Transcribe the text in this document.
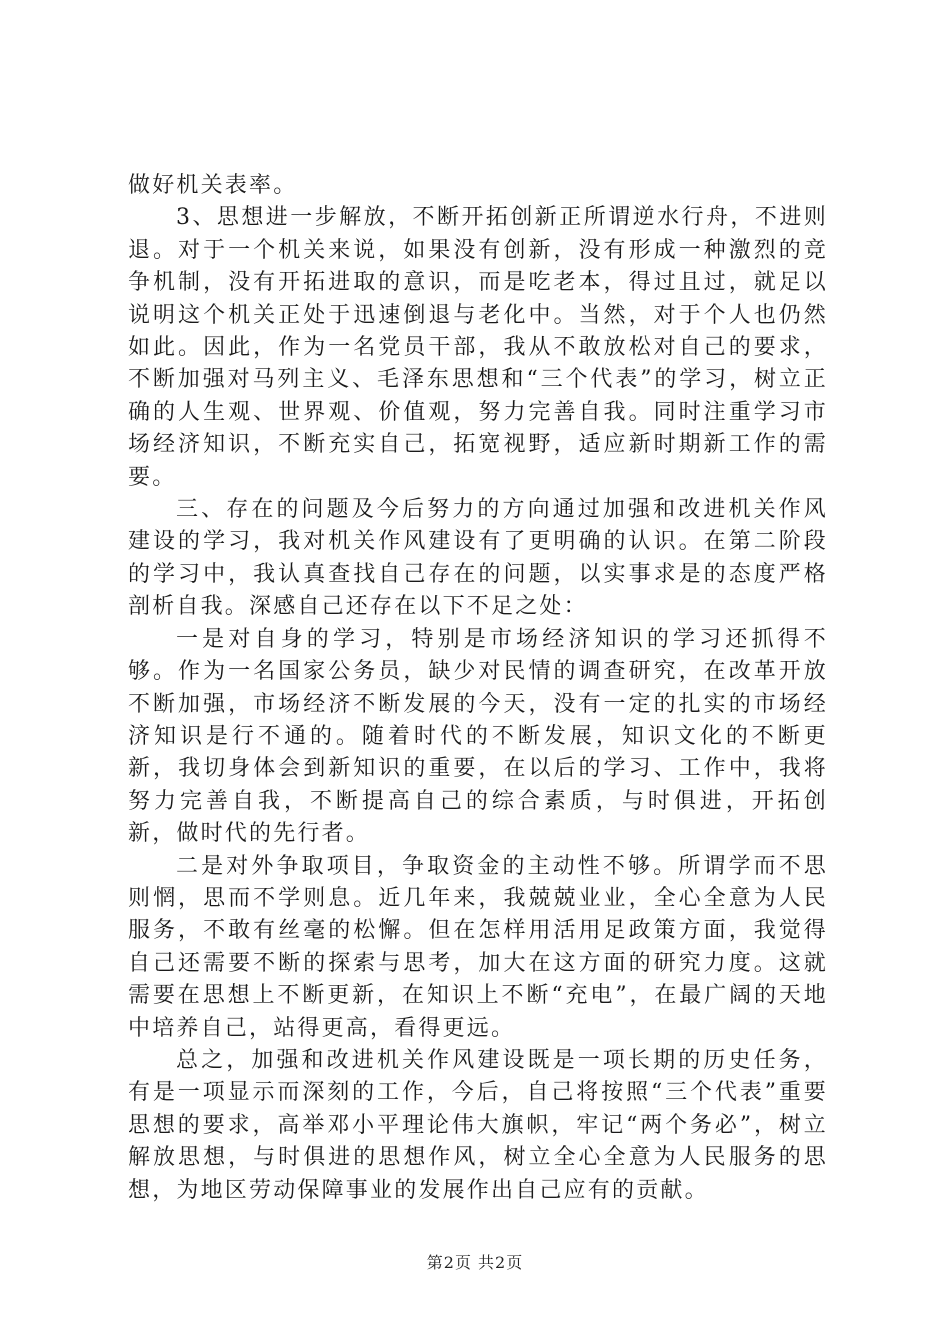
做好机关表率。

3、思想进一步解放，不断开拓创新正所谓逆水行舟，不进则退。对于一个机关来说，如果没有创新，没有形成一种激烈的竞争机制，没有开拓进取的意识，而是吃老本，得过且过，就足以说明这个机关正处于迅速倒退与老化中。当然，对于个人也仍然如此。因此，作为一名党员干部，我从不敢放松对自己的要求，不断加强对马列主义、毛泽东思想和“三个代表”的学习，树立正确的人生观、世界观、价值观，努力完善自我。同时注重学习市场经济知识，不断充实自己，拓宽视野，适应新时期新工作的需要。

三、存在的问题及今后努力的方向通过加强和改进机关作风建设的学习，我对机关作风建设有了更明确的认识。在第二阶段的学习中，我认真查找自己存在的问题，以实事求是的态度严格剖析自我。深感自己还存在以下不足之处：

一是对自身的学习，特别是市场经济知识的学习还抓得不够。作为一名国家公务员，缺少对民情的调查研究，在改革开放不断加强，市场经济不断发展的今天，没有一定的扎实的市场经济知识是行不通的。随着时代的不断发展，知识文化的不断更新，我切身体会到新知识的重要，在以后的学习、工作中，我将努力完善自我，不断提高自己的综合素质，与时俱进，开拓创新，做时代的先行者。

二是对外争取项目，争取资金的主动性不够。所谓学而不思则惘，思而不学则息。近几年来，我兢兢业业，全心全意为人民服务，不敢有丝毫的松懈。但在怎样用活用足政策方面，我觉得自己还需要不断的探索与思考，加大在这方面的研究力度。这就需要在思想上不断更新，在知识上不断“充电”，在最广阔的天地中培养自己，站得更高，看得更远。

总之，加强和改进机关作风建设既是一项长期的历史任务，有是一项显示而深刻的工作，今后，自己将按照“三个代表”重要思想的要求，高举邓小平理论伟大旗帜，牢记“两个务必”，树立解放思想，与时俱进的思想作风，树立全心全意为人民服务的思想，为地区劳动保障事业的发展作出自己应有的贡献。

第2页 共2页
